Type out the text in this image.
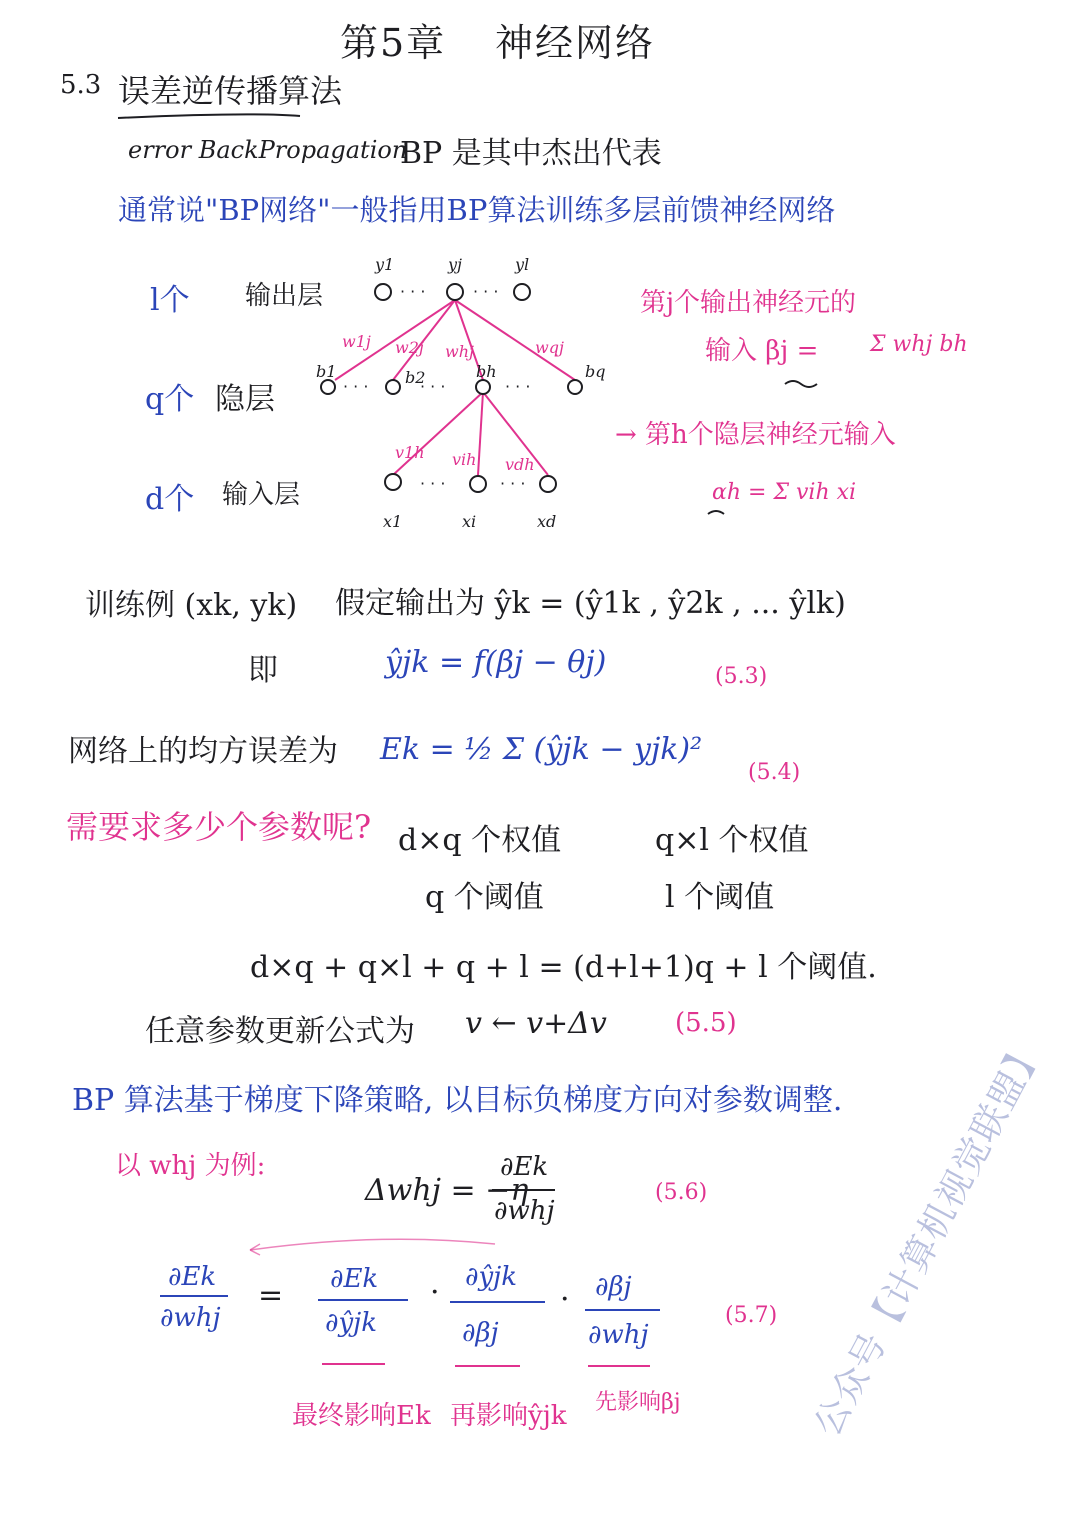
第5章 神经网络
5.3 误差逆传播算法
error BackPropagation
BP 是其中杰出代表
通常说"BP网络"一般指用BP算法训练多层前馈神经网络
· · ·	· · ·
· · ·	· · ·	· · ·
· · ·	· · ·
l个 输出层
q个 隐层
d个 输入层
y1	yj	yl
b1	b2	bh	bq
x1	xi	xd
w1j w2j whj	wqj
v1h vih vdh
第j个输出神经元的
输入 βj = Σ whj bh
→ 第h个隐层神经元输入
αh = Σ vih xi
训练例 (xk, yk) 假定输出为 ŷk = (ŷ1k , ŷ2k , ... ŷlk)
即	ŷjk = f(βj − θj)	(5.3)
网络上的均方误差为 Ek = ½ Σ (ŷjk − yjk)²
(5.4)
需要求多少个参数呢? d×q 个权值	q×l 个权值
q 个阈值	l 个阈值
d×q + q×l + q + l = (d+l+1)q + l 个阈值.
任意参数更新公式为 v ← v+Δv	(5.5)
BP 算法基于梯度下降策略, 以目标负梯度方向对参数调整.
以 whj 为例:
Δwhj = −η
∂Ek
∂whj
(5.6)
∂Ek
∂whj
= ∂Ek
∂ŷjk
· ∂ŷjk
∂βj
· ∂βj
∂whj
(5.7)
最终影响Ek 再影响ŷjk 先影响βj	公众号【计算机视觉联盟】
